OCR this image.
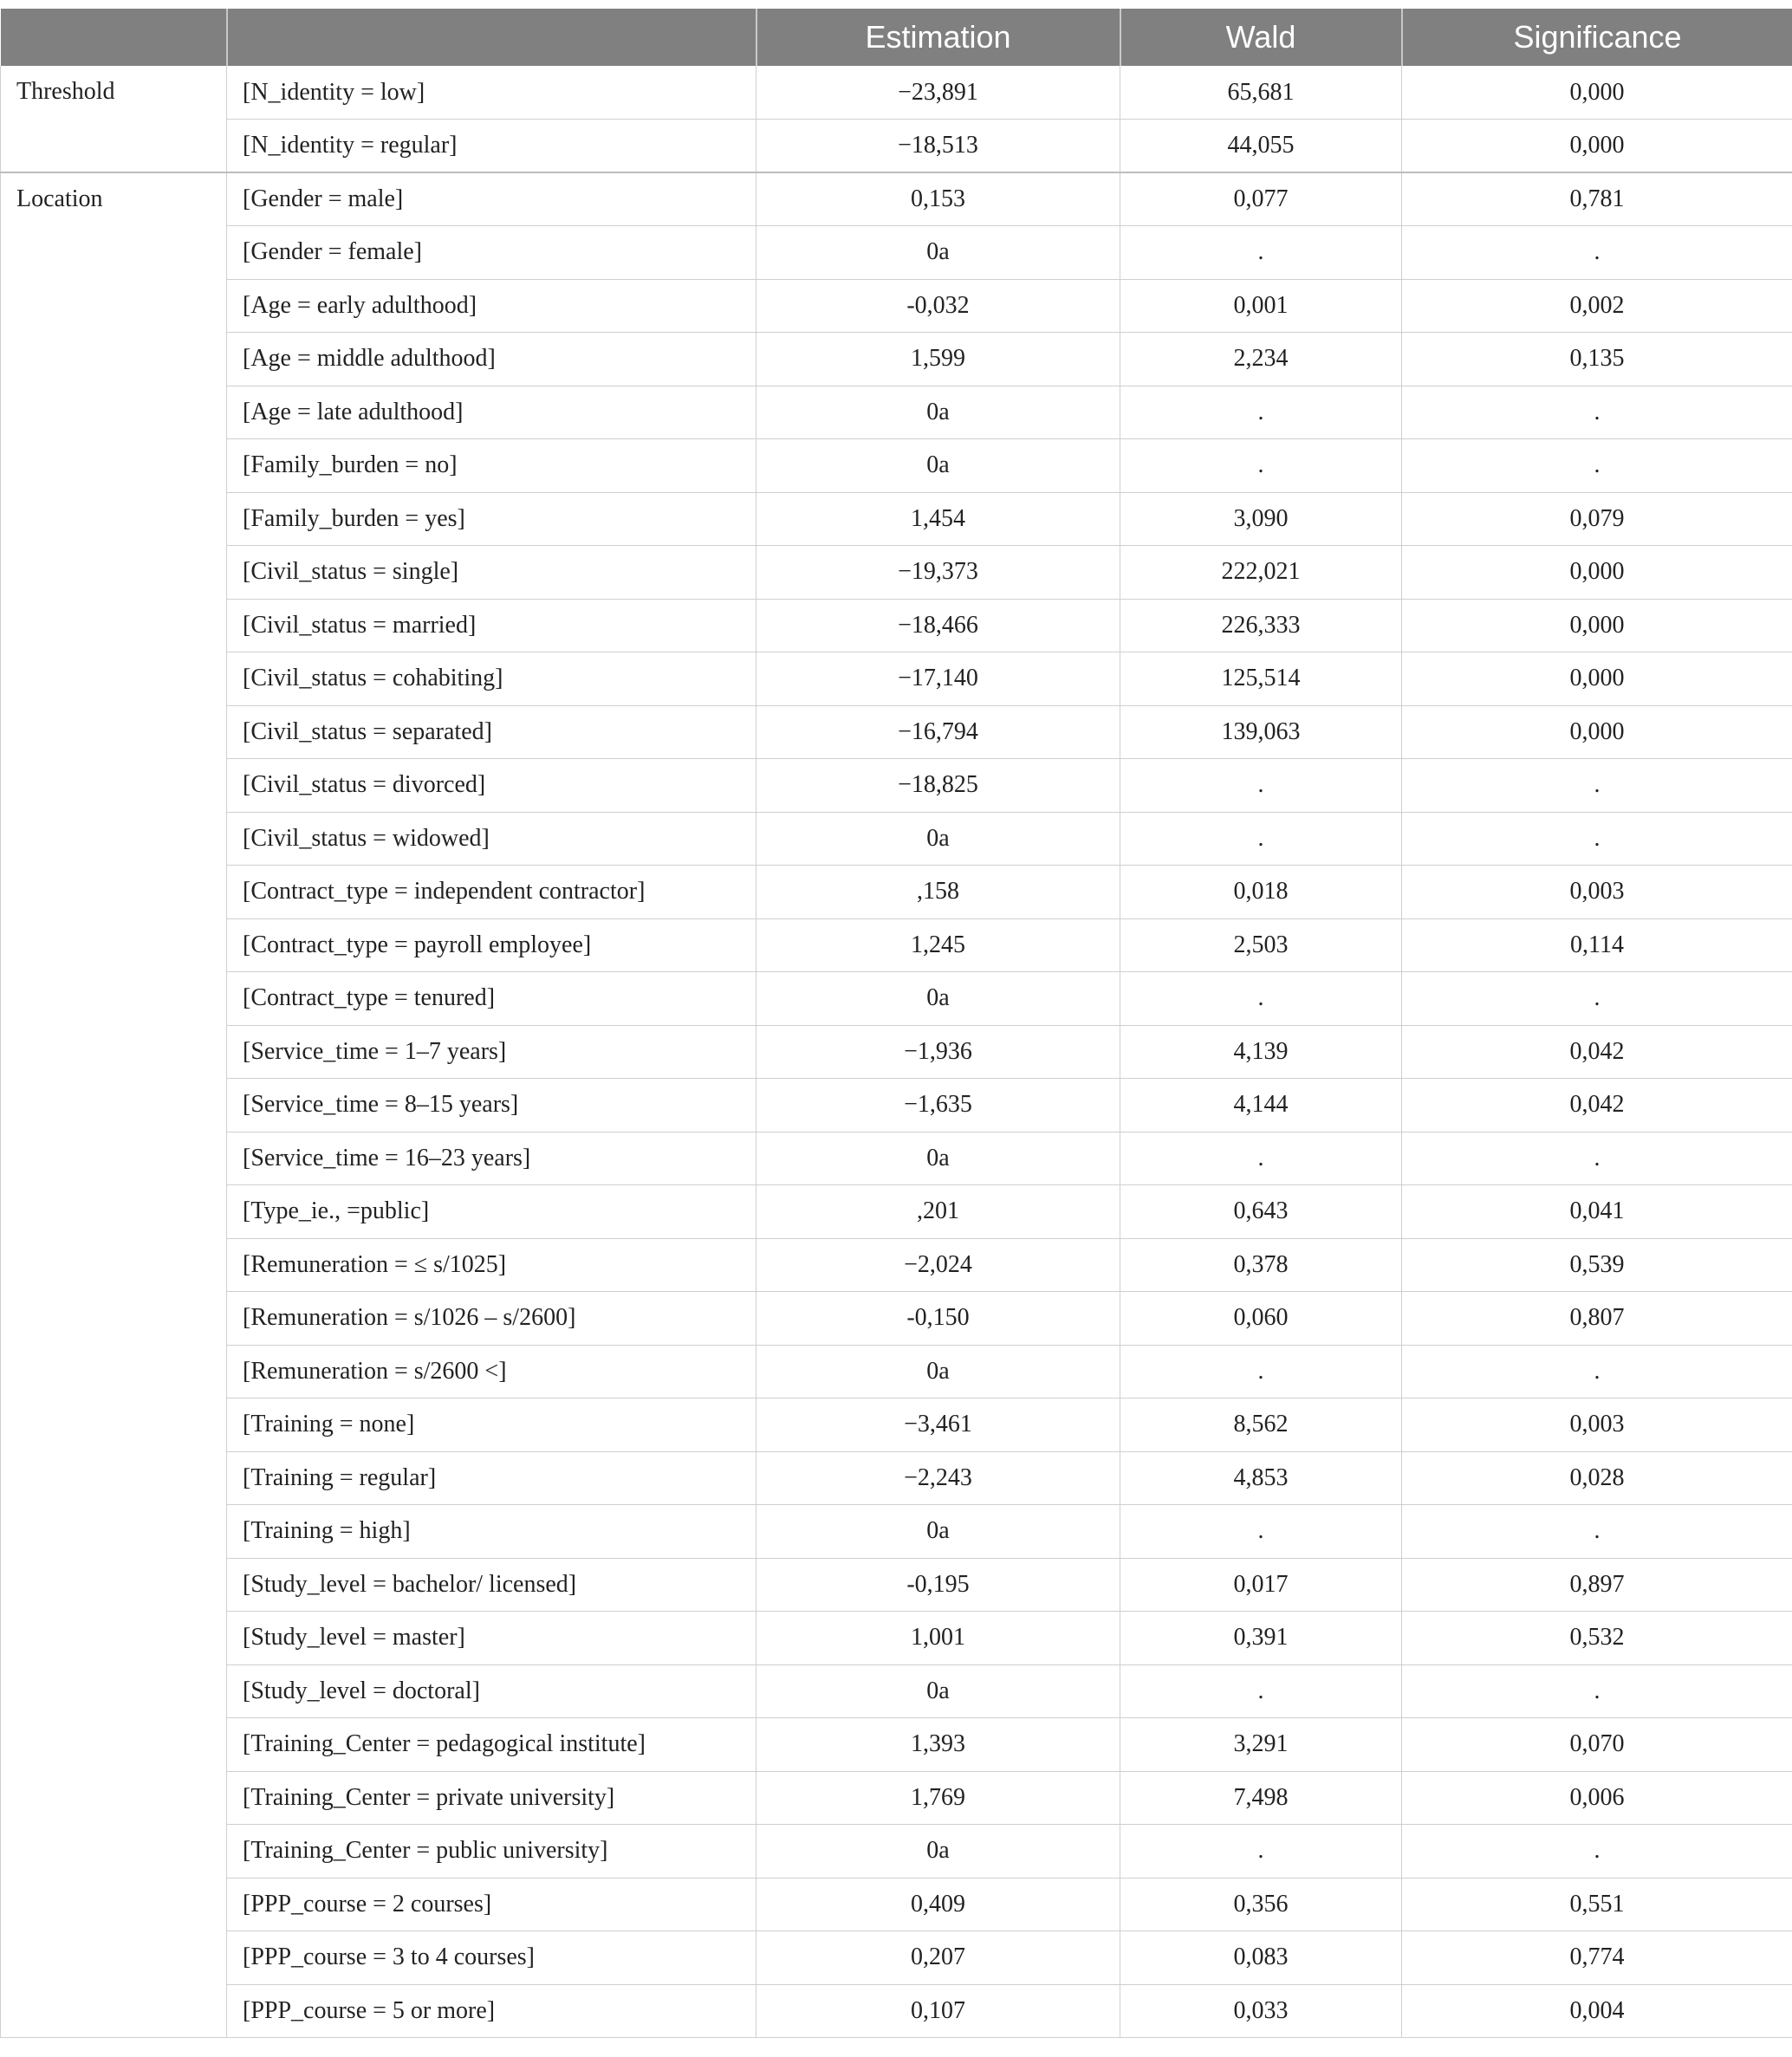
		Estimation	Wald	Significance
Threshold	[N_identity = low]	−23,891	65,681	0,000
	[N_identity = regular]	−18,513	44,055	0,000
Location	[Gender = male]	0,153	0,077	0,781
	[Gender = female]	0a	.	.
	[Age = early adulthood]	-0,032	0,001	0,002
	[Age = middle adulthood]	1,599	2,234	0,135
	[Age = late adulthood]	0a	.	.
	[Family_burden = no]	0a	.	.
	[Family_burden = yes]	1,454	3,090	0,079
	[Civil_status = single]	−19,373	222,021	0,000
	[Civil_status = married]	−18,466	226,333	0,000
	[Civil_status = cohabiting]	−17,140	125,514	0,000
	[Civil_status = separated]	−16,794	139,063	0,000
	[Civil_status = divorced]	−18,825	.	.
	[Civil_status = widowed]	0a	.	.
	[Contract_type = independent contractor]	,158	0,018	0,003
	[Contract_type = payroll employee]	1,245	2,503	0,114
	[Contract_type = tenured]	0a	.	.
	[Service_time = 1–7 years]	−1,936	4,139	0,042
	[Service_time = 8–15 years]	−1,635	4,144	0,042
	[Service_time = 16–23 years]	0a	.	.
	[Type_ie., =public]	,201	0,643	0,041
	[Remuneration = ≤ s/1025]	−2,024	0,378	0,539
	[Remuneration = s/1026 – s/2600]	-0,150	0,060	0,807
	[Remuneration = s/2600 <]	0a	.	.
	[Training = none]	−3,461	8,562	0,003
	[Training = regular]	−2,243	4,853	0,028
	[Training = high]	0a	.	.
	[Study_level = bachelor/ licensed]	-0,195	0,017	0,897
	[Study_level = master]	1,001	0,391	0,532
	[Study_level = doctoral]	0a	.	.
	[Training_Center = pedagogical institute]	1,393	3,291	0,070
	[Training_Center = private university]	1,769	7,498	0,006
	[Training_Center = public university]	0a	.	.
	[PPP_course = 2 courses]	0,409	0,356	0,551
	[PPP_course = 3 to 4 courses]	0,207	0,083	0,774
	[PPP_course = 5 or more]	0,107	0,033	0,004
